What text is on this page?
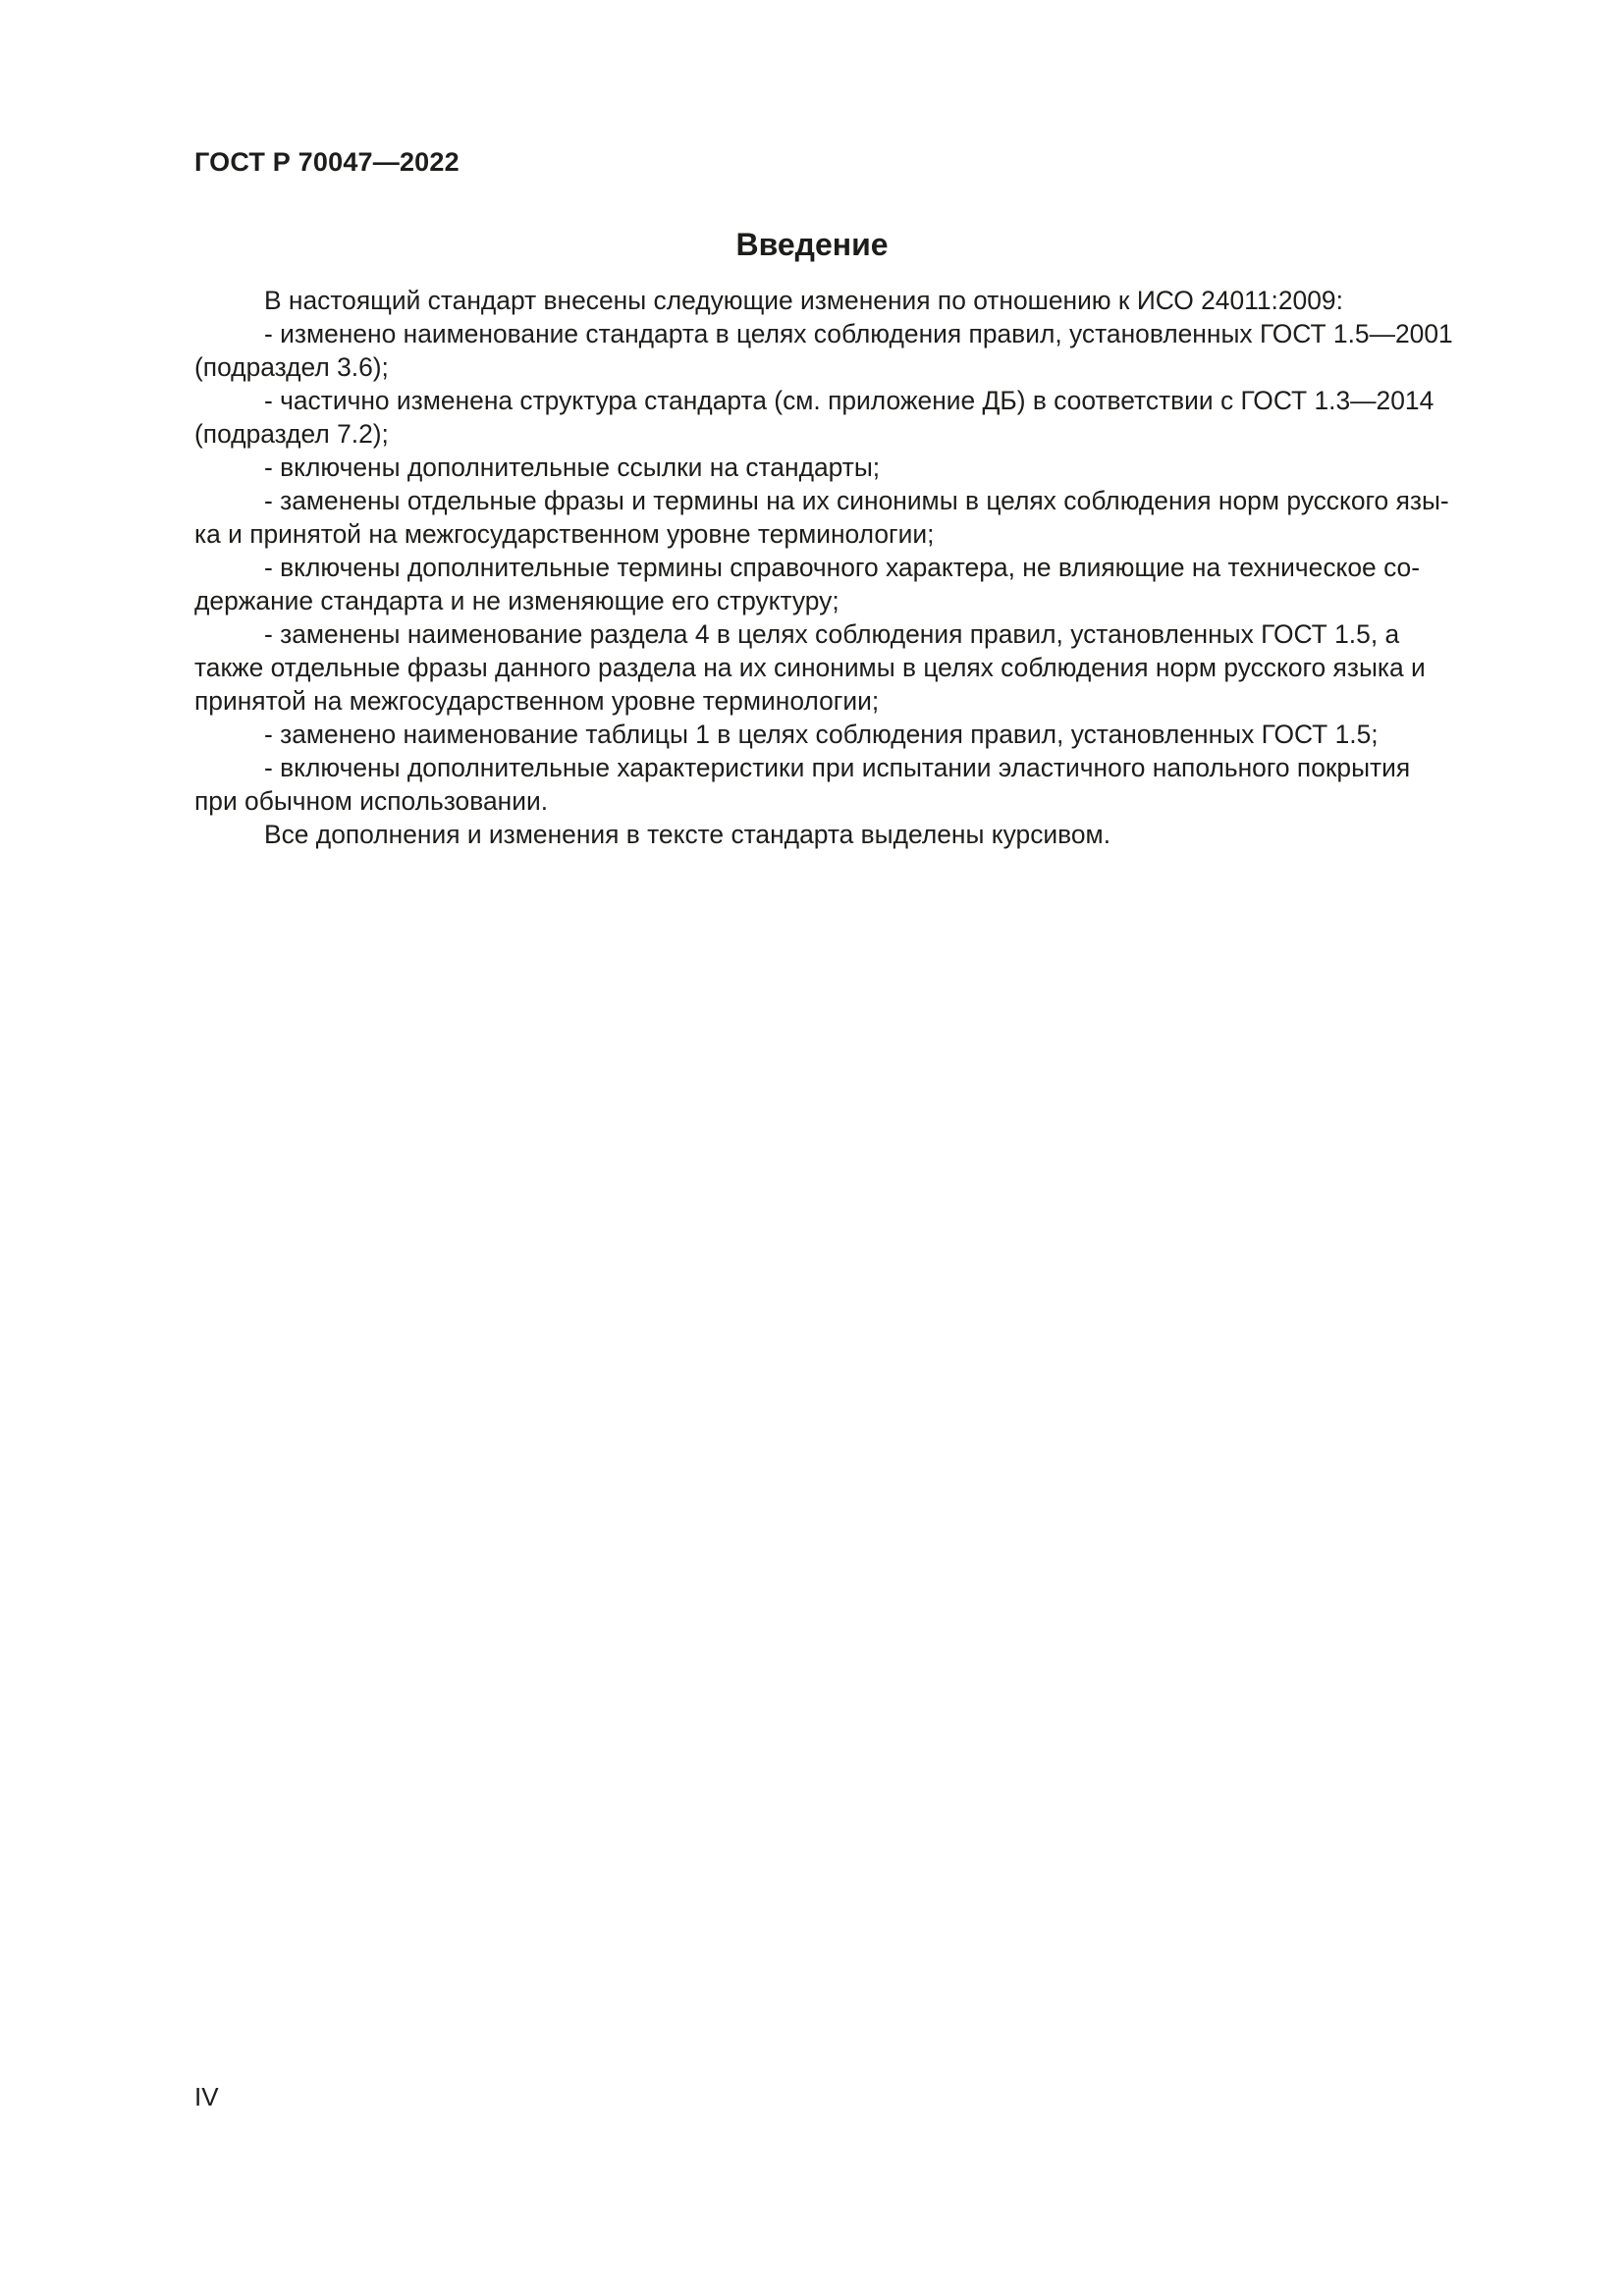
ГОСТ Р 70047—2022
Введение

В настоящий стандарт внесены следующие изменения по отношению к ИСО 24011:2009:

- изменено наименование стандарта в целях соблюдения правил, установленных ГОСТ 1.5—2001
(подраздел 3.6);

- частично изменена структура стандарта (см. приложение ДБ) в соответствии с ГОСТ 1.3—2014
(подраздел 7.2);

- включены дополнительные ссылки на стандарты;

- заменены отдельные фразы и термины на их синонимы в целях соблюдения норм русского язы-
ка и принятой на межгосударственном уровне терминологии;

- включены дополнительные термины справочного характера, не влияющие на техническое со-
держание стандарта и не изменяющие его структуру;

- заменены наименование раздела 4 в целях соблюдения правил, установленных ГОСТ 1.5, а
также отдельные фразы данного раздела на их синонимы в целях соблюдения норм русского языка и
принятой на межгосударственном уровне терминологии;

- заменено наименование таблицы 1 в целях соблюдения правил, установленных ГОСТ 1.5;

- включены дополнительные характеристики при испытании эластичного напольного покрытия
при обычном использовании.

Все дополнения и изменения в тексте стандарта выделены курсивом.

IV
